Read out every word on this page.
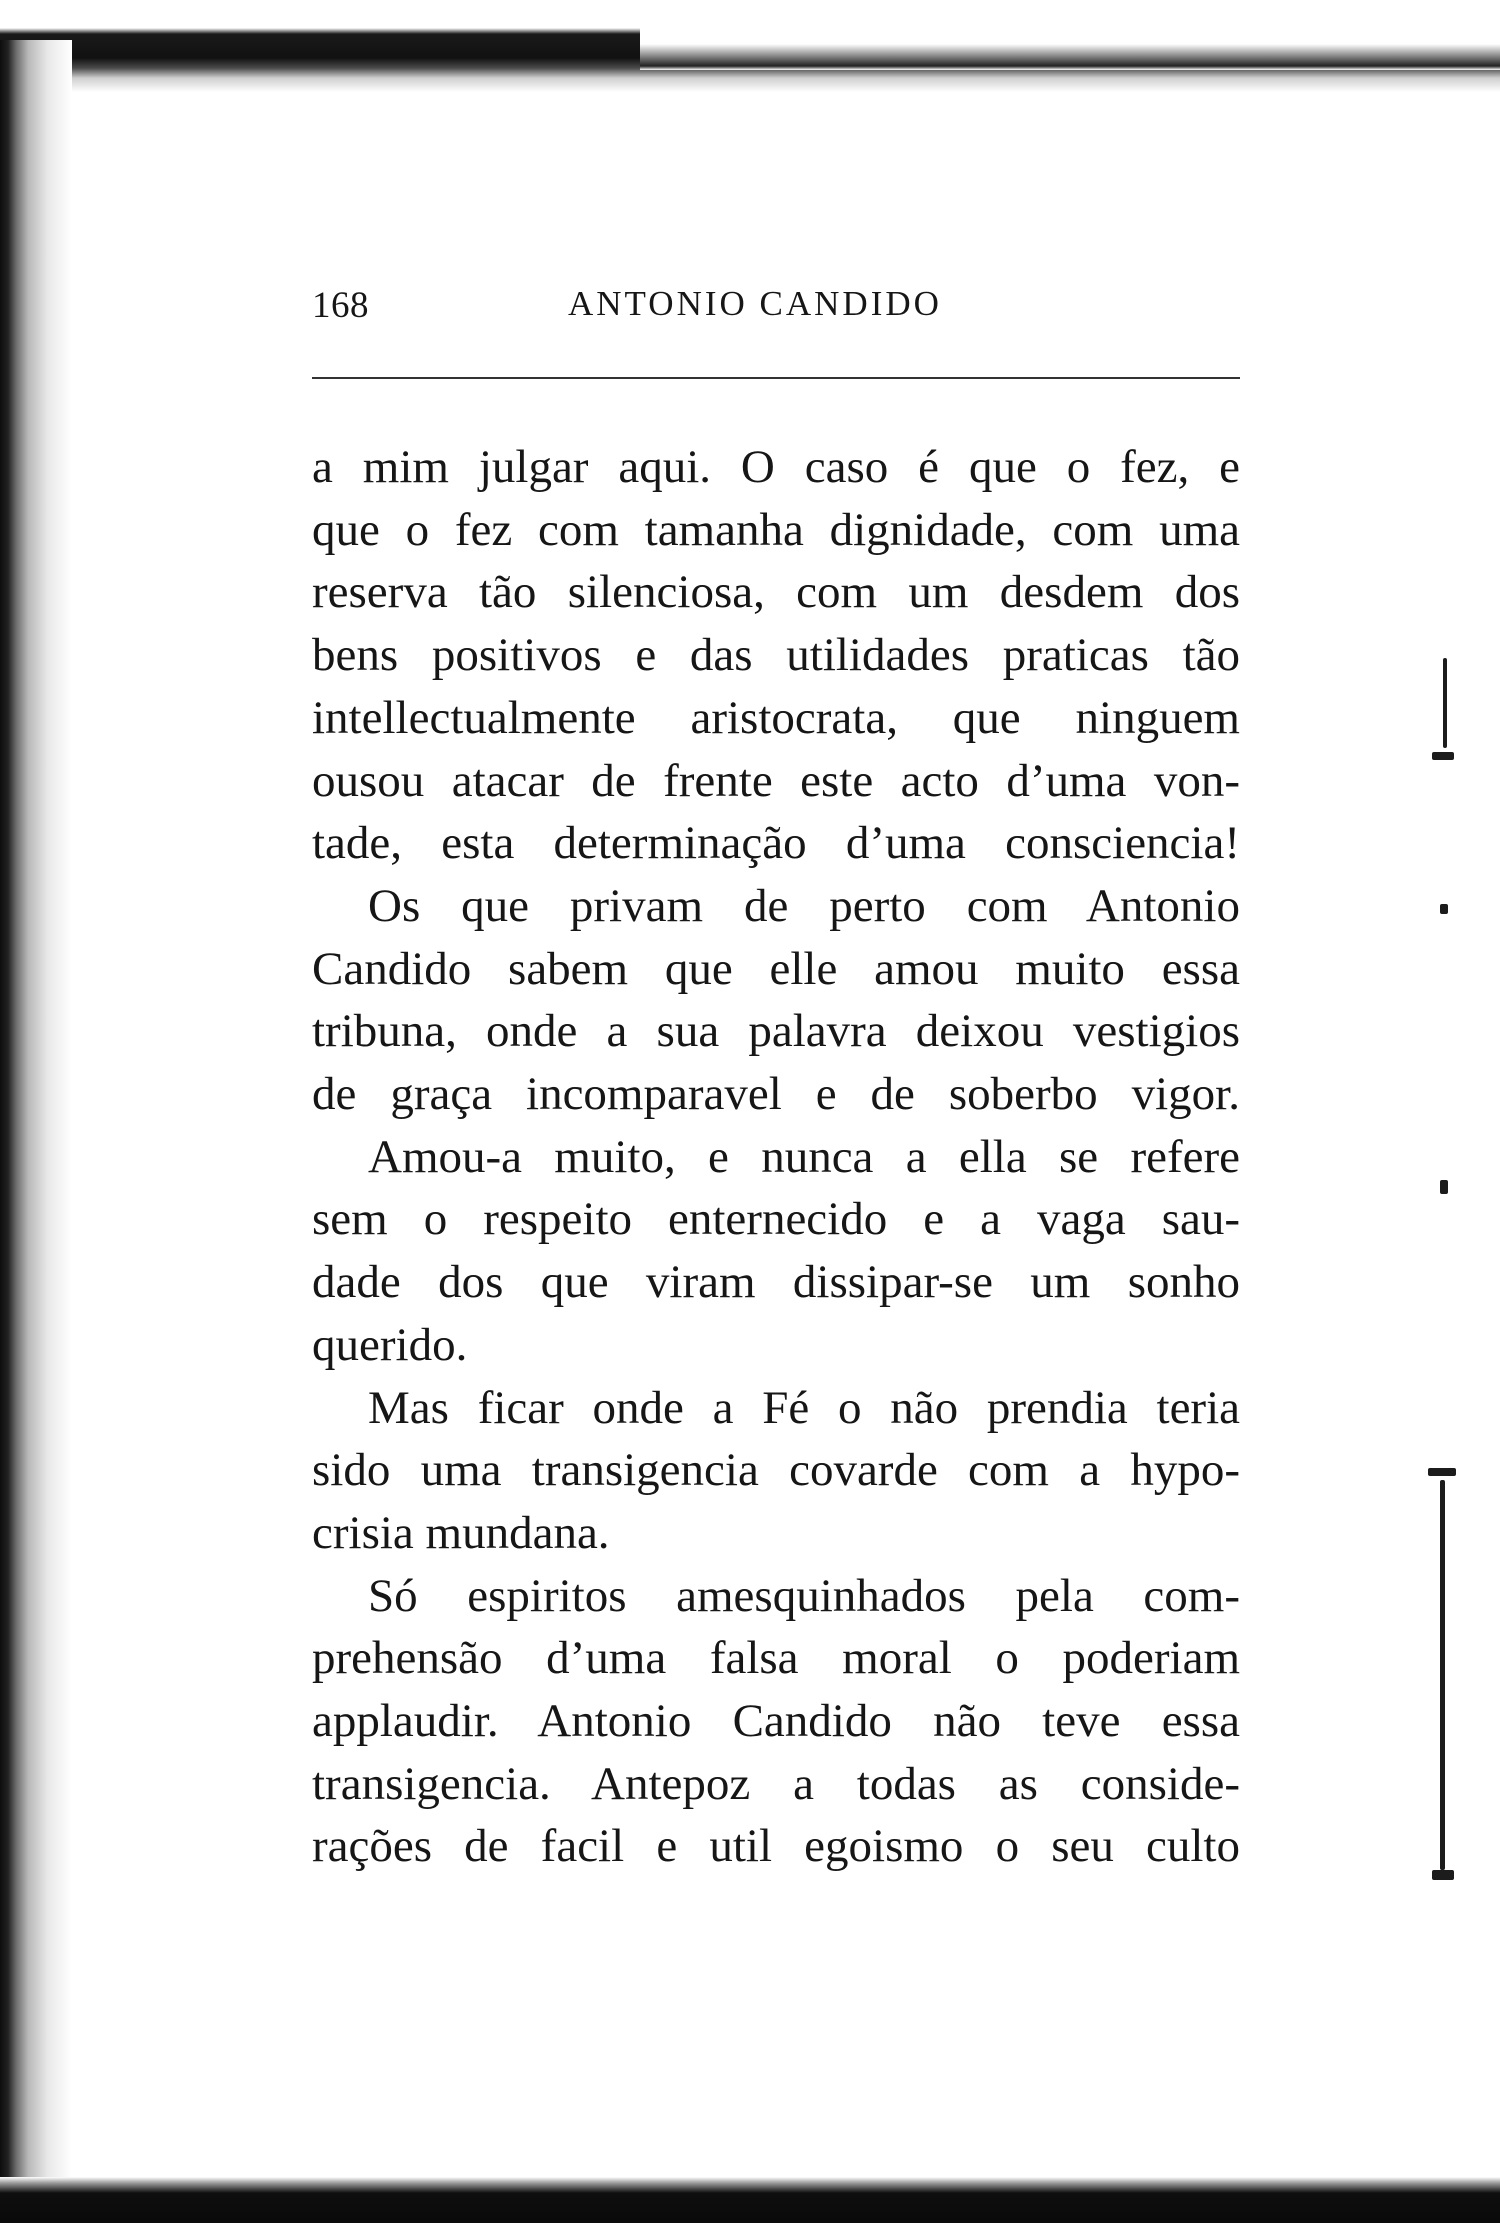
168	ANTONIO CANDIDO

a mim julgar aqui. O caso é que o fez, e
que o fez com tamanha dignidade, com uma
reserva tão silenciosa, com um desdem dos
bens positivos e das utilidades praticas tão
intellectualmente aristocrata, que ninguem
ousou atacar de frente este acto d’uma von-
tade, esta determinação d’uma consciencia!

Os que privam de perto com Antonio
Candido sabem que elle amou muito essa
tribuna, onde a sua palavra deixou vestigios
de graça incomparavel e de soberbo vigor.

Amou-a muito, e nunca a ella se refere
sem o respeito enternecido e a vaga sau-
dade dos que viram dissipar-se um sonho
querido.

Mas ficar onde a Fé o não prendia teria
sido uma transigencia covarde com a hypo-
crisia mundana.

Só espiritos amesquinhados pela com-
prehensão d’uma falsa moral o poderiam
applaudir. Antonio Candido não teve essa
transigencia. Antepoz a todas as conside-
rações de facil e util egoismo o seu culto
